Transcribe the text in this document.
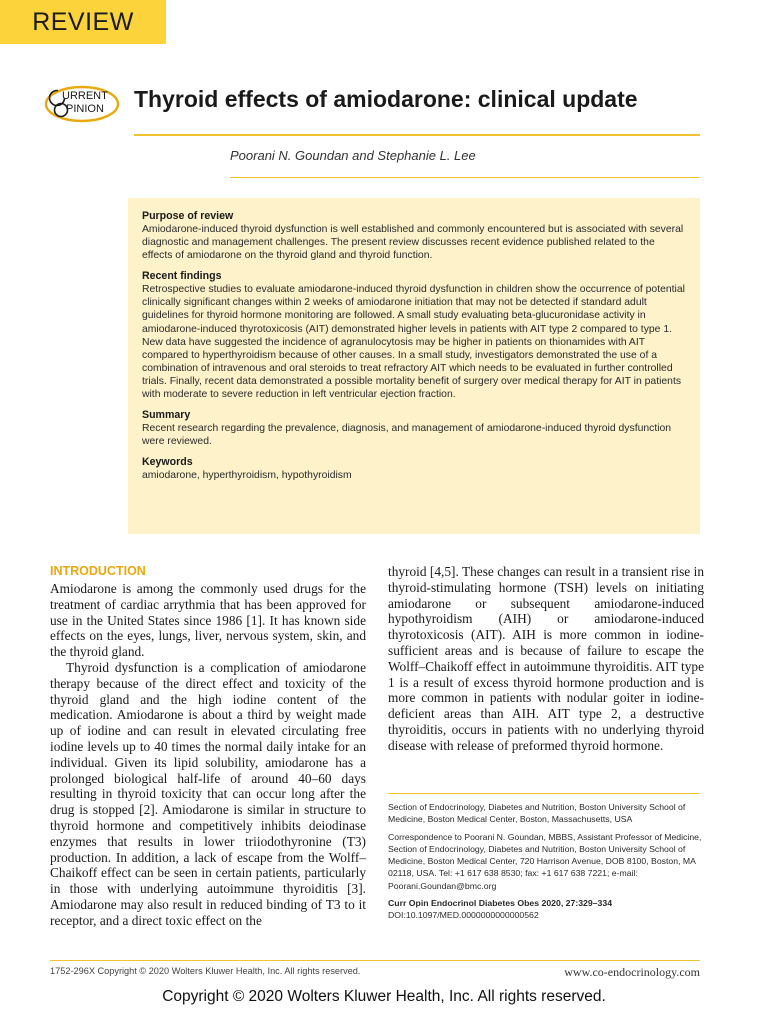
REVIEW
URRENT
PINION Thyroid effects of amiodarone: clinical update
Poorani N. Goundan and Stephanie L. Lee
Purpose of review

Amiodarone-induced thyroid dysfunction is well established and commonly encountered but is associated with several diagnostic and management challenges. The present review discusses recent evidence published related to the effects of amiodarone on the thyroid gland and thyroid function.

Recent findings

Retrospective studies to evaluate amiodarone-induced thyroid dysfunction in children show the occurrence of potential clinically significant changes within 2 weeks of amiodarone initiation that may not be detected if standard adult guidelines for thyroid hormone monitoring are followed. A small study evaluating beta-glucuronidase activity in amiodarone-induced thyrotoxicosis (AIT) demonstrated higher levels in patients with AIT type 2 compared to type 1. New data have suggested the incidence of agranulocytosis may be higher in patients on thionamides with AIT compared to hyperthyroidism because of other causes. In a small study, investigators demonstrated the use of a combination of intravenous and oral steroids to treat refractory AIT which needs to be evaluated in further controlled trials. Finally, recent data demonstrated a possible mortality benefit of surgery over medical therapy for AIT in patients with moderate to severe reduction in left ventricular ejection fraction.

Summary

Recent research regarding the prevalence, diagnosis, and management of amiodarone-induced thyroid dysfunction were reviewed.

Keywords

amiodarone, hyperthyroidism, hypothyroidism

INTRODUCTION

Amiodarone is among the commonly used drugs for the treatment of cardiac arrythmia that has been approved for use in the United States since 1986 [1]. It has known side effects on the eyes, lungs, liver, nervous system, skin, and the thyroid gland.

Thyroid dysfunction is a complication of amiodarone therapy because of the direct effect and toxicity of the thyroid gland and the high iodine content of the medication. Amiodarone is about a third by weight made up of iodine and can result in elevated circulating free iodine levels up to 40 times the normal daily intake for an individual. Given its lipid solubility, amiodarone has a prolonged biological half-life of around 40–60 days resulting in thyroid toxicity that can occur long after the drug is stopped [2]. Amiodarone is similar in structure to thyroid hormone and competitively inhibits deiodinase enzymes that results in lower triiodothyronine (T3) production. In addition, a lack of escape from the Wolff–Chaikoff effect can be seen in certain patients, particularly in those with underlying autoimmune thyroiditis [3]. Amiodarone may also result in reduced binding of T3 to it receptor, and a direct toxic effect on the

thyroid [4,5]. These changes can result in a transient rise in thyroid-stimulating hormone (TSH) levels on initiating amiodarone or subsequent amiodarone-induced hypothyroidism (AIH) or amiodarone-induced thyrotoxicosis (AIT). AIH is more common in iodine-sufficient areas and is because of failure to escape the Wolff–Chaikoff effect in autoimmune thyroiditis. AIT type 1 is a result of excess thyroid hormone production and is more common in patients with nodular goiter in iodine-deficient areas than AIH. AIT type 2, a destructive thyroiditis, occurs in patients with no underlying thyroid disease with release of preformed thyroid hormone.

Section of Endocrinology, Diabetes and Nutrition, Boston University School of Medicine, Boston Medical Center, Boston, Massachusetts, USA

Correspondence to Poorani N. Goundan, MBBS, Assistant Professor of Medicine, Section of Endocrinology, Diabetes and Nutrition, Boston University School of Medicine, Boston Medical Center, 720 Harrison Avenue, DOB 8100, Boston, MA 02118, USA. Tel: +1 617 638 8530; fax: +1 617 638 7221; e-mail: Poorani.Goundan@bmc.org

Curr Opin Endocrinol Diabetes Obes 2020, 27:329–334

DOI:10.1097/MED.0000000000000562

1752-296X Copyright © 2020 Wolters Kluwer Health, Inc. All rights reserved.	www.co-endocrinology.com
Copyright © 2020 Wolters Kluwer Health, Inc. All rights reserved.
